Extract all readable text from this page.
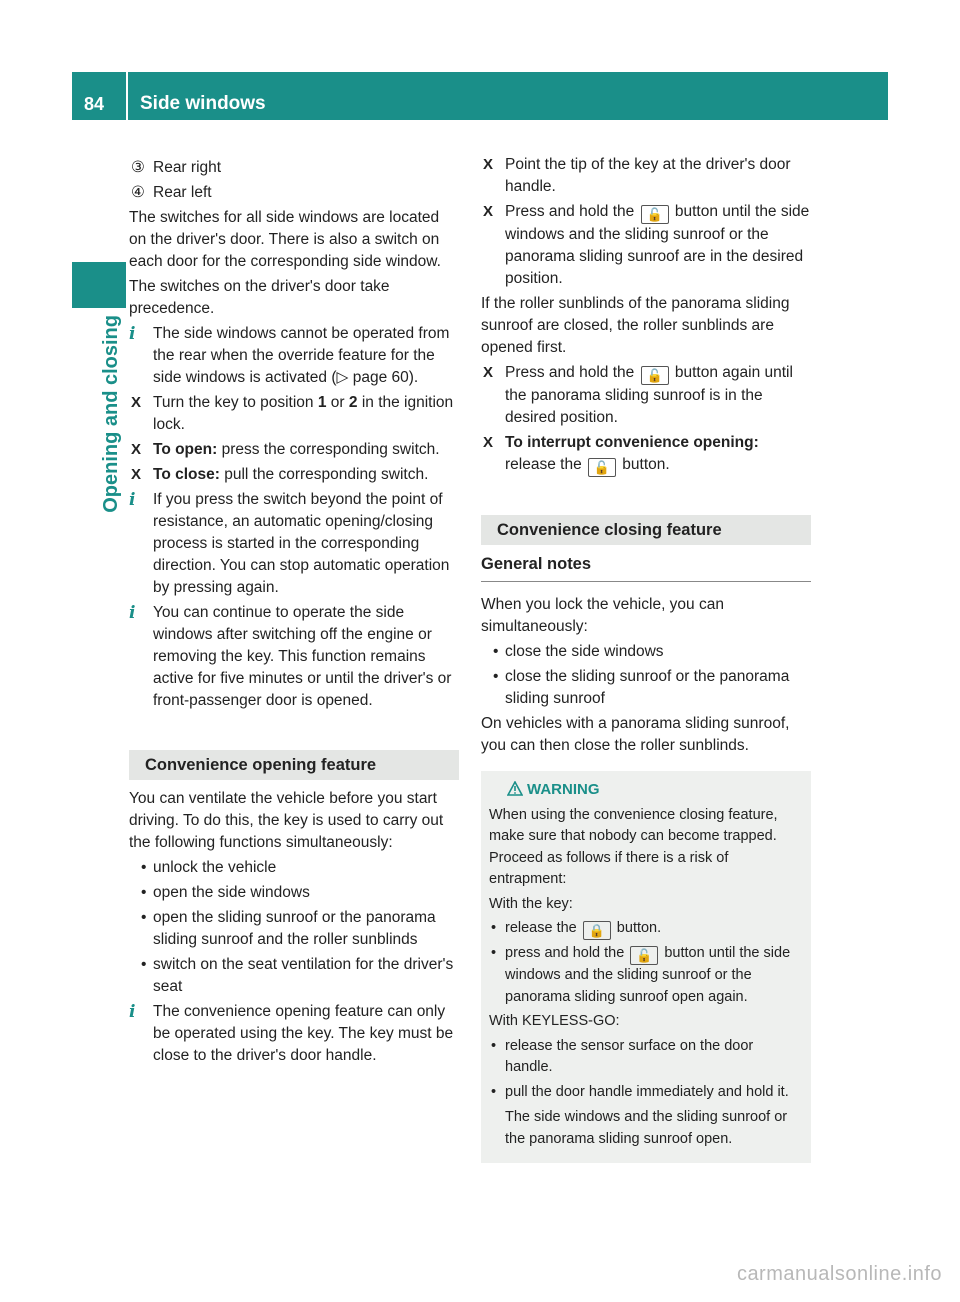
84	Side windows
Opening and closing
③ Rear right
④ Rear left

The switches for all side windows are located on the driver's door. There is also a switch on each door for the corresponding side window.

The switches on the driver's door take precedence.

i	The side windows cannot be operated from the rear when the override feature for the side windows is activated (▷ page 60).
X Turn the key to position 1 or 2 in the ignition lock.
X To open: press the corresponding switch.
X To close: pull the corresponding switch.
i	If you press the switch beyond the point of resistance, an automatic opening/closing process is started in the corresponding direction. You can stop automatic operation by pressing again.
i	You can continue to operate the side windows after switching off the engine or removing the key. This function remains active for five minutes or until the driver's or front-passenger door is opened.
Convenience opening feature

You can ventilate the vehicle before you start driving. To do this, the key is used to carry out the following functions simultaneously:

• unlock the vehicle
• open the side windows
• open the sliding sunroof or the panorama sliding sunroof and the roller sunblinds
• switch on the seat ventilation for the driver's seat
i	The convenience opening feature can only be operated using the key. The key must be close to the driver's door handle.
X Point the tip of the key at the driver's door handle.
X Press and hold the 🔓 button until the side windows and the sliding sunroof or the panorama sliding sunroof are in the desired position.

If the roller sunblinds of the panorama sliding sunroof are closed, the roller sunblinds are opened first.

X Press and hold the 🔓 button again until the panorama sliding sunroof is in the desired position.
X To interrupt convenience opening:
release the 🔓 button.
Convenience closing feature
General notes

When you lock the vehicle, you can simultaneously:

• close the side windows
• close the sliding sunroof or the panorama sliding sunroof

On vehicles with a panorama sliding sunroof, you can then close the roller sunblinds.

WARNING

When using the convenience closing feature, make sure that nobody can become trapped. Proceed as follows if there is a risk of entrapment:

With the key:

• release the 🔒 button.
• press and hold the 🔓 button until the side windows and the sliding sunroof or the panorama sliding sunroof open again.

With KEYLESS-GO:

• release the sensor surface on the door handle.
• pull the door handle immediately and hold it.
The side windows and the sliding sunroof or the panorama sliding sunroof open.
carmanualsonline.info
